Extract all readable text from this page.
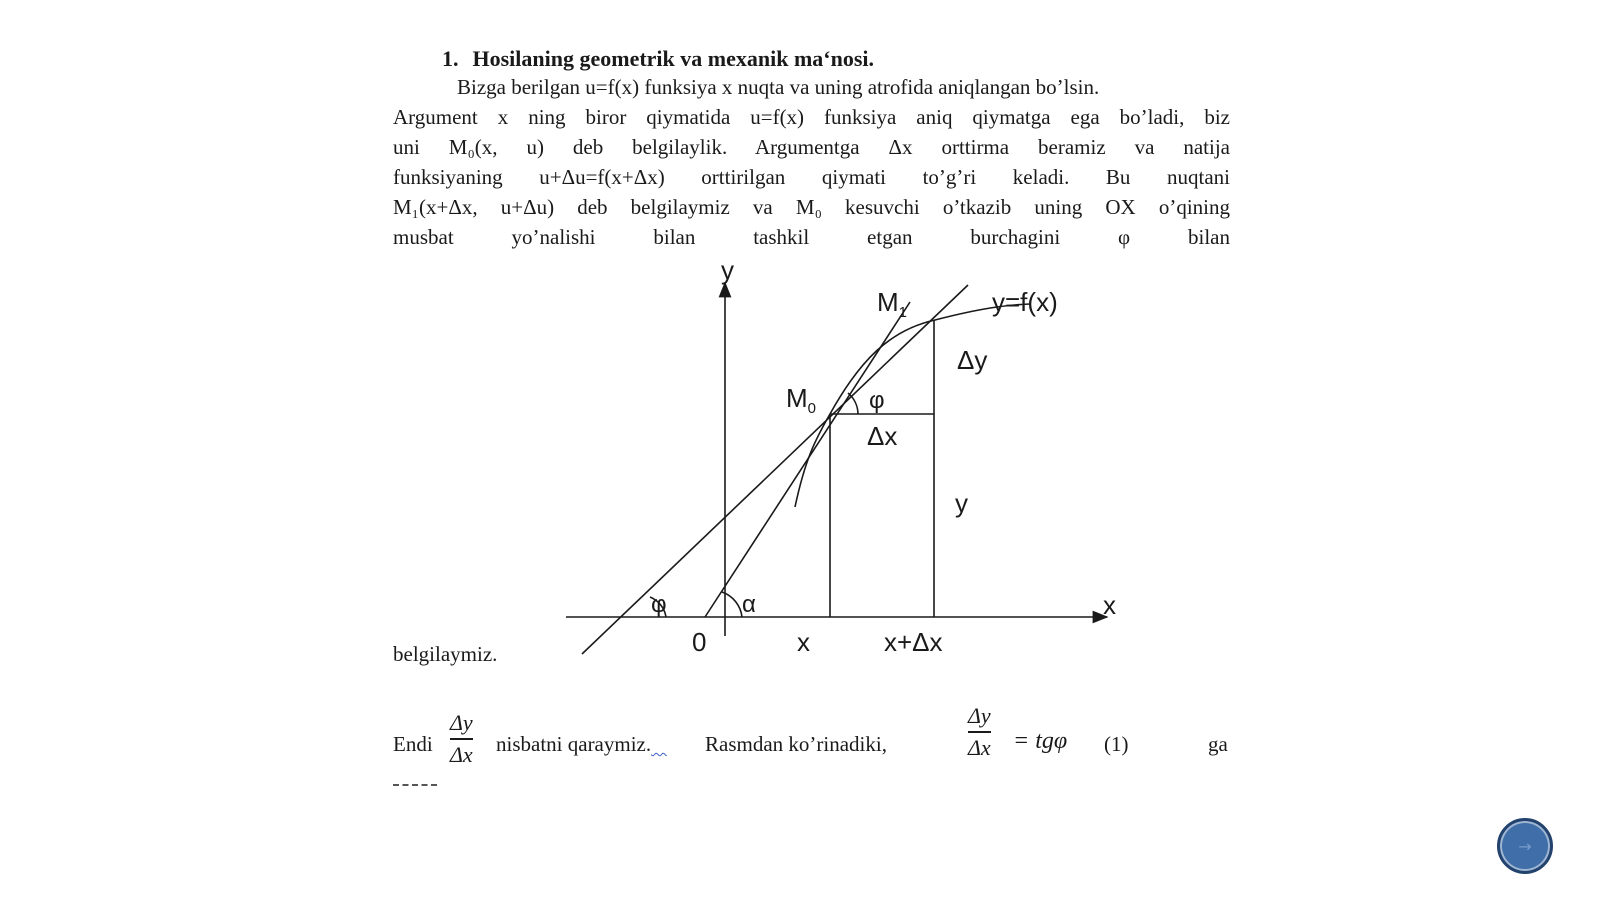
1. Hosilaning geometrik va mexanik ma‘nosi.
Bizga berilgan u=f(x) funksiya x nuqta va uning atrofida aniqlangan bo’lsin.
Argument x ning biror qiymatida u=f(x) funksiya aniq qiymatga ega bo’ladi, biz
uni M₀(x, u) deb belgilaylik. Argumentga Δx orttirma beramiz va natija
funksiyaning u+Δu=f(x+Δx) orttirilgan qiymati to’g’ri keladi. Bu nuqtani
M₁(x+Δx, u+Δu) deb belgilaymiz va M₀ kesuvchi o’tkazib uning OX o’qining
musbat yo’nalishi bilan tashkil etgan burchagini φ bilan
y
x
y=f(x)
$M_1$
$M_0$
Δy
Δx
y
φ
φ	α
0	x	x+Δx
belgilaymiz.
Endi
Δy
Δx nisbatni qaraymiz.	Rasmdan ko’rinadiki,
Δy
Δx = tgφ (1)	ga
→
